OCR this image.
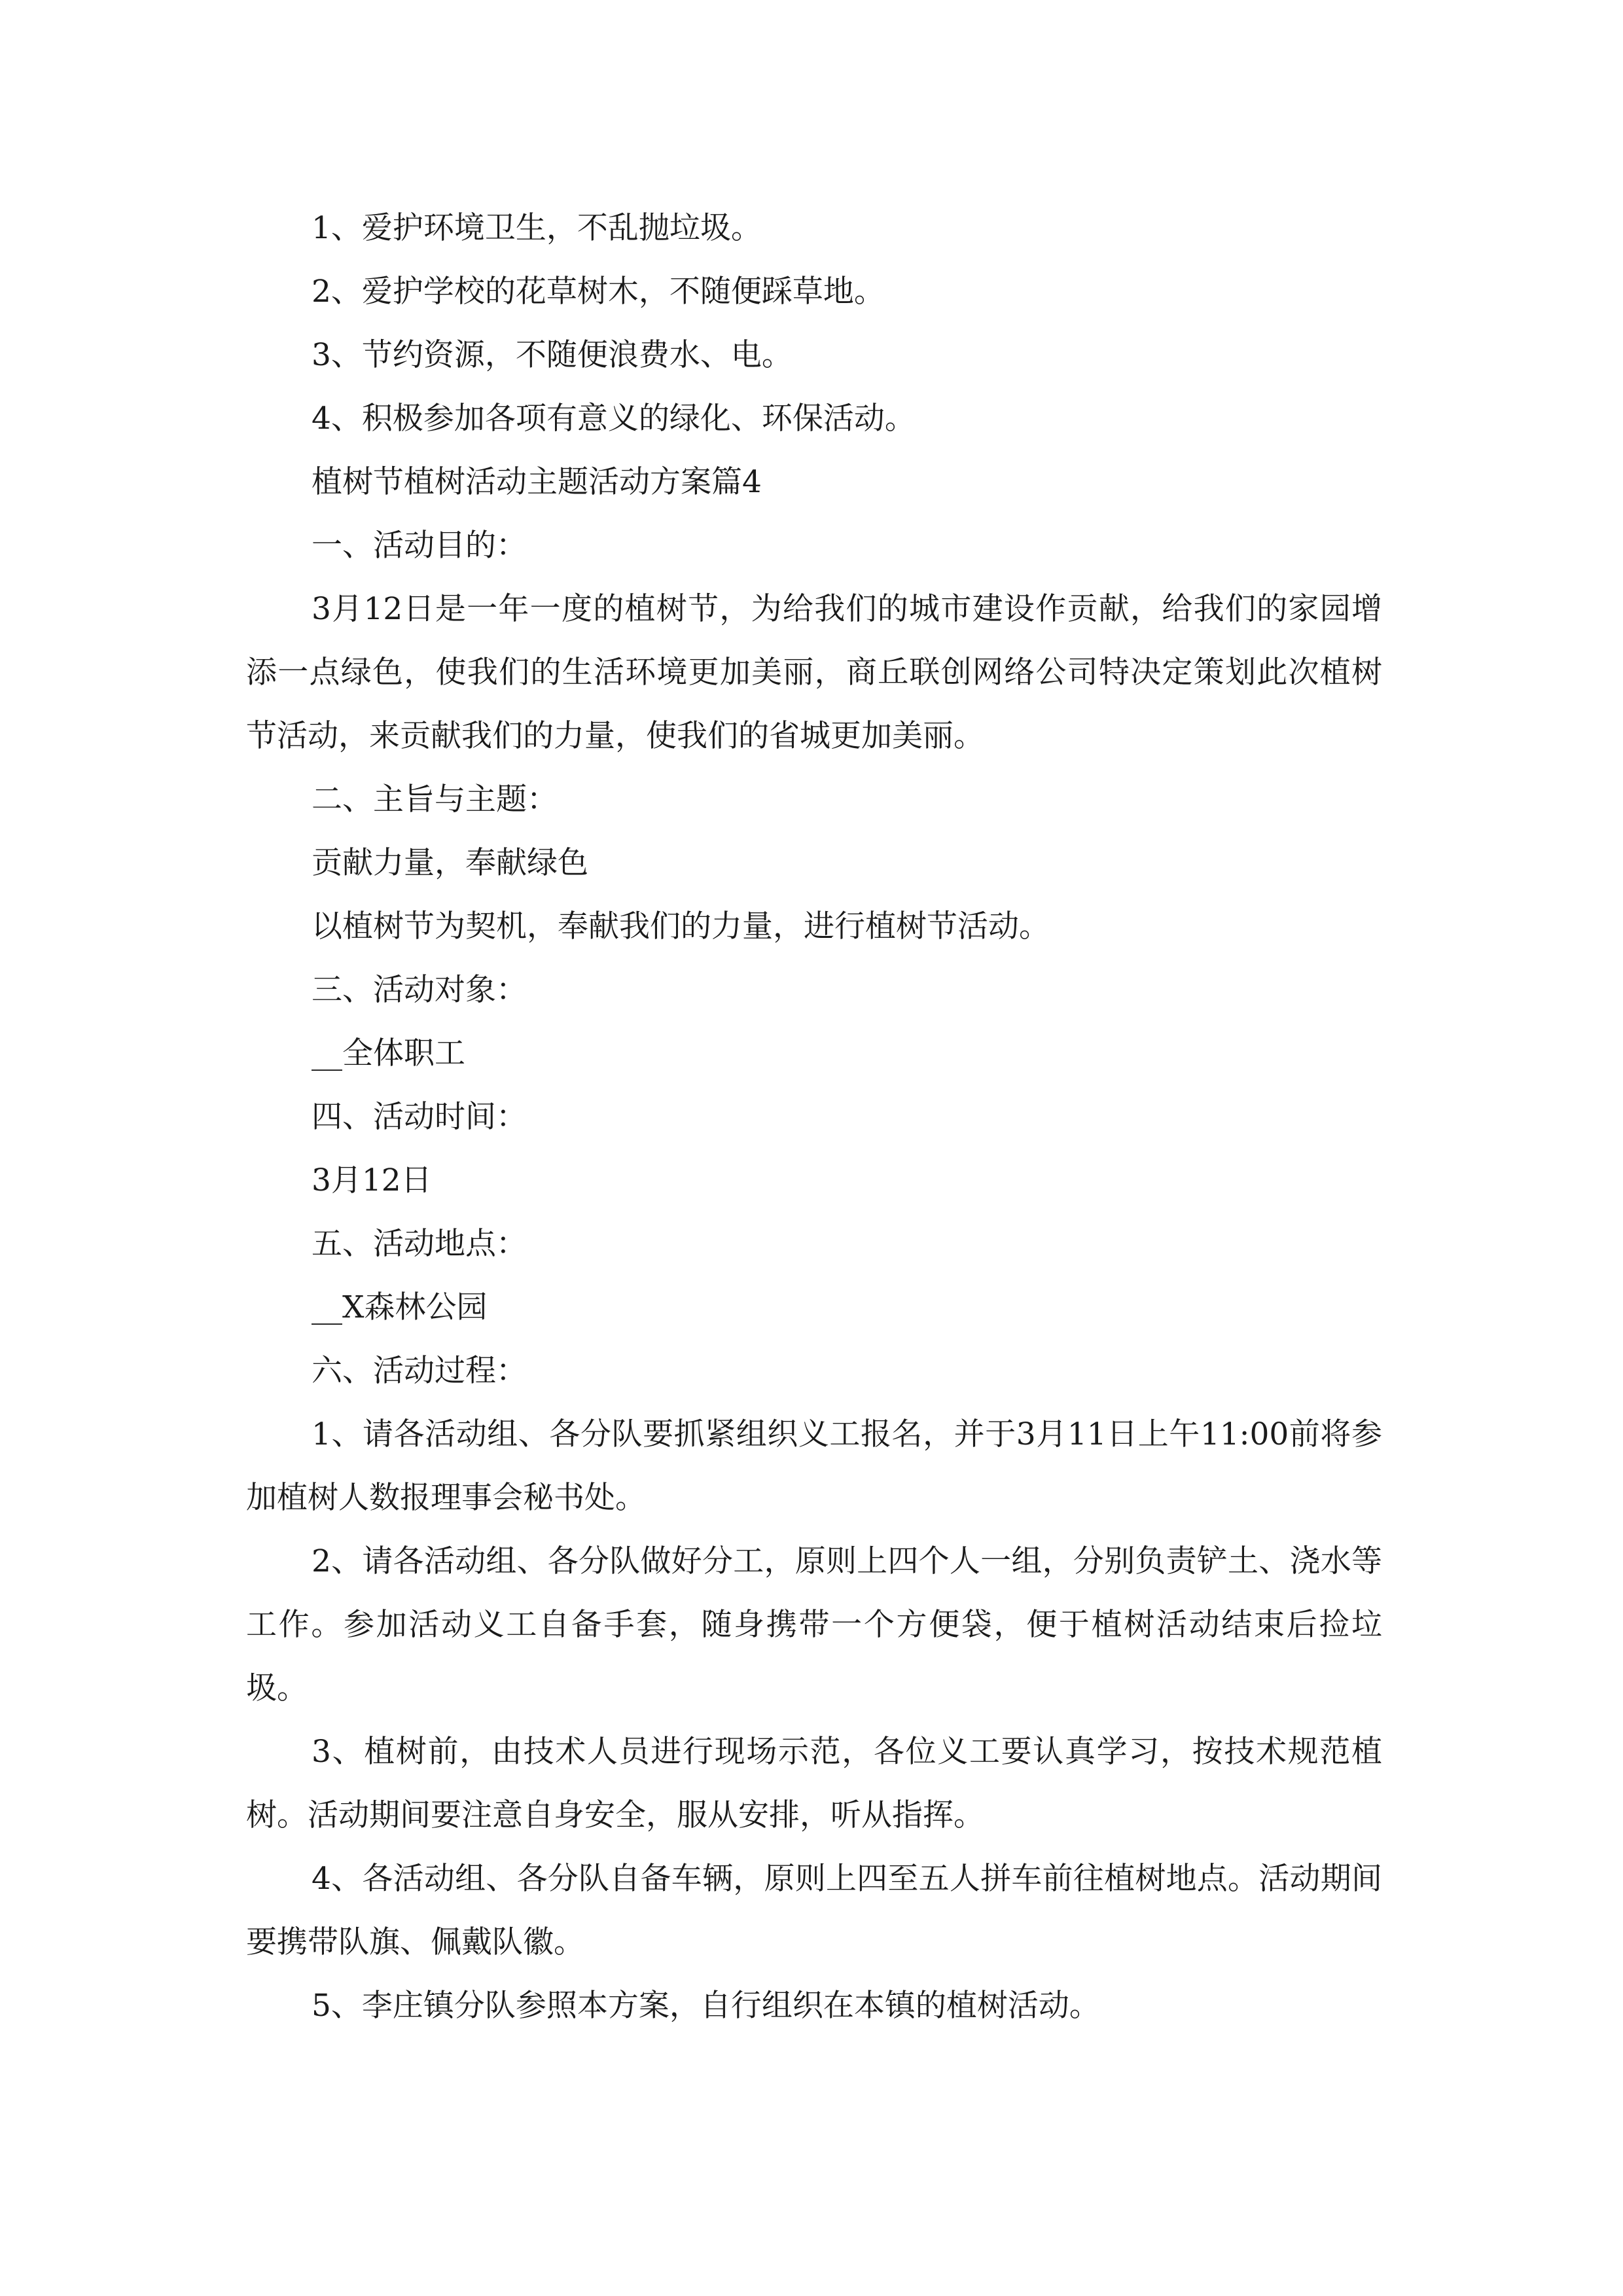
1、爱护环境卫生，不乱抛垃圾。

2、爱护学校的花草树木，不随便踩草地。

3、节约资源，不随便浪费水、电。

4、积极参加各项有意义的绿化、环保活动。

植树节植树活动主题活动方案篇4

一、活动目的：

3月12日是一年一度的植树节，为给我们的城市建设作贡献，给我们的家园增添一点绿色，使我们的生活环境更加美丽，商丘联创网络公司特决定策划此次植树节活动，来贡献我们的力量，使我们的省城更加美丽。

二、主旨与主题：

贡献力量，奉献绿色

以植树节为契机，奉献我们的力量，进行植树节活动。

三、活动对象：

__全体职工

四、活动时间：

3月12日

五、活动地点：

__X森林公园

六、活动过程：

1、请各活动组、各分队要抓紧组织义工报名，并于3月11日上午11:00前将参加植树人数报理事会秘书处。

2、请各活动组、各分队做好分工，原则上四个人一组，分别负责铲土、浇水等工作。参加活动义工自备手套，随身携带一个方便袋，便于植树活动结束后捡垃圾。

3、植树前，由技术人员进行现场示范，各位义工要认真学习，按技术规范植树。活动期间要注意自身安全，服从安排，听从指挥。

4、各活动组、各分队自备车辆，原则上四至五人拼车前往植树地点。活动期间要携带队旗、佩戴队徽。

5、李庄镇分队参照本方案，自行组织在本镇的植树活动。
